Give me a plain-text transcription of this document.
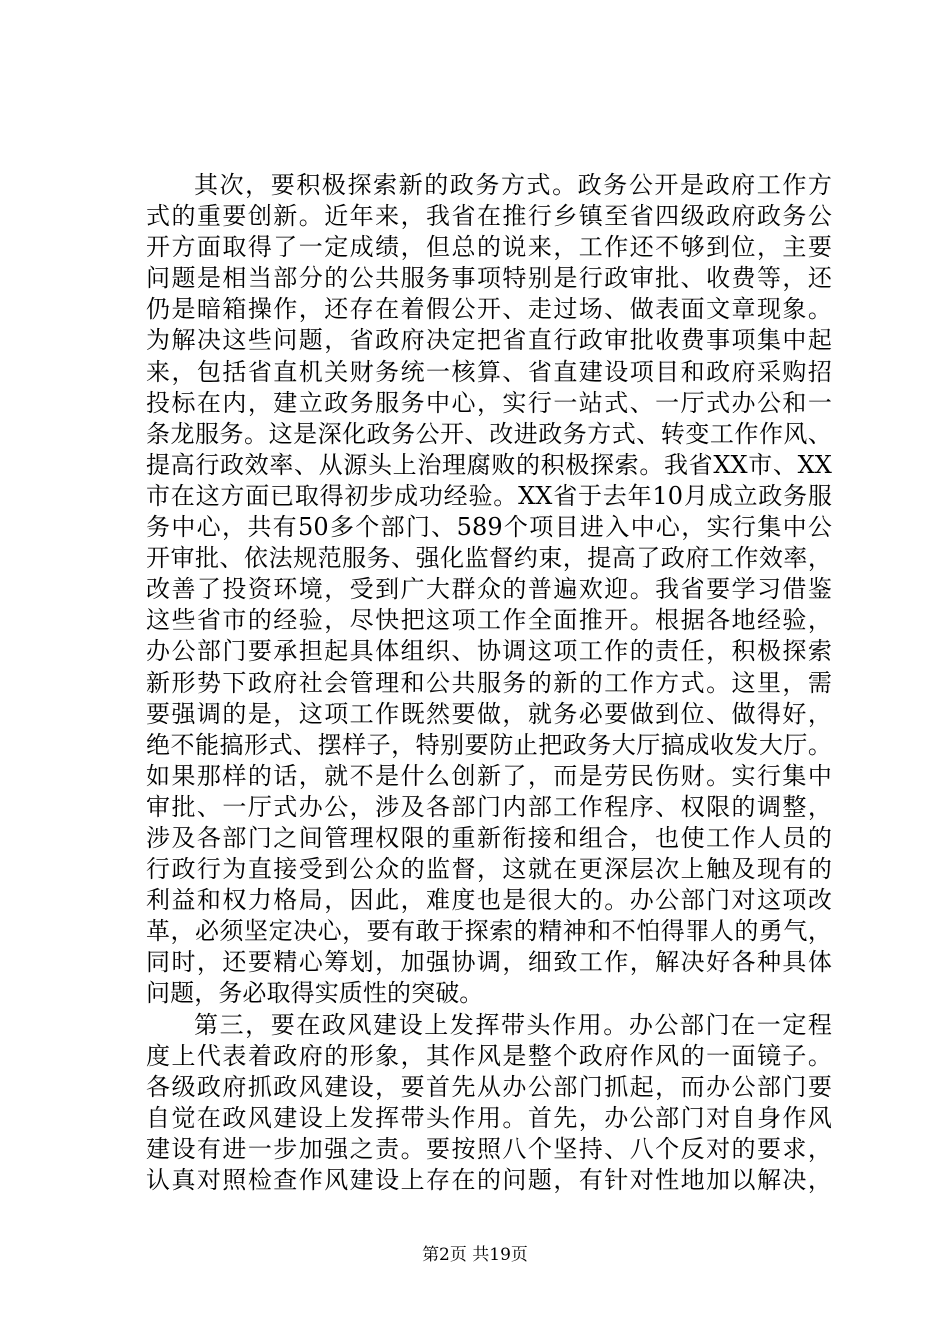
其次，要积极探索新的政务方式。政务公开是政府工作方
式的重要创新。近年来，我省在推行乡镇至省四级政府政务公
开方面取得了一定成绩，但总的说来，工作还不够到位，主要
问题是相当部分的公共服务事项特别是行政审批、收费等，还
仍是暗箱操作，还存在着假公开、走过场、做表面文章现象。
为解决这些问题，省政府决定把省直行政审批收费事项集中起
来，包括省直机关财务统一核算、省直建设项目和政府采购招
投标在内，建立政务服务中心，实行一站式、一厅式办公和一
条龙服务。这是深化政务公开、改进政务方式、转变工作作风、
提高行政效率、从源头上治理腐败的积极探索。我省XX市、XX
市在这方面已取得初步成功经验。XX省于去年10月成立政务服
务中心，共有50多个部门、589个项目进入中心，实行集中公
开审批、依法规范服务、强化监督约束，提高了政府工作效率，
改善了投资环境，受到广大群众的普遍欢迎。我省要学习借鉴
这些省市的经验，尽快把这项工作全面推开。根据各地经验，
办公部门要承担起具体组织、协调这项工作的责任，积极探索
新形势下政府社会管理和公共服务的新的工作方式。这里，需
要强调的是，这项工作既然要做，就务必要做到位、做得好，
绝不能搞形式、摆样子，特别要防止把政务大厅搞成收发大厅。
如果那样的话，就不是什么创新了，而是劳民伤财。实行集中
审批、一厅式办公，涉及各部门内部工作程序、权限的调整，
涉及各部门之间管理权限的重新衔接和组合，也使工作人员的
行政行为直接受到公众的监督，这就在更深层次上触及现有的
利益和权力格局，因此，难度也是很大的。办公部门对这项改
革，必须坚定决心，要有敢于探索的精神和不怕得罪人的勇气，
同时，还要精心筹划，加强协调，细致工作，解决好各种具体
问题，务必取得实质性的突破。
第三，要在政风建设上发挥带头作用。办公部门在一定程
度上代表着政府的形象，其作风是整个政府作风的一面镜子。
各级政府抓政风建设，要首先从办公部门抓起，而办公部门要
自觉在政风建设上发挥带头作用。首先，办公部门对自身作风
建设有进一步加强之责。要按照八个坚持、八个反对的要求，
认真对照检查作风建设上存在的问题，有针对性地加以解决，
第2页 共19页
